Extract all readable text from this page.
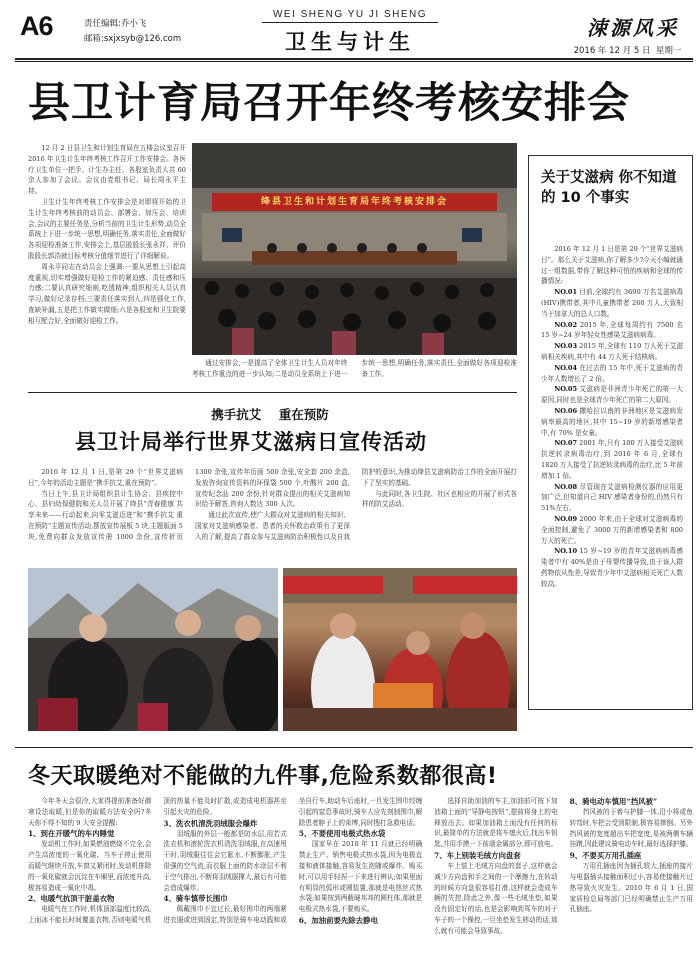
A6	责任编辑:乔小飞
邮箱:sxjxsyb@126.com
WEI SHENG YU JI SHENG
卫生与计生
涑源风采
2016 年 12 月 5 日 星期一
县卫计育局召开年终考核安排会

12 月 2 日县卫生和计划生育局在五楼会议室召开 2016 年卫生计生年终考核工作召开工作安排会。各医疗卫生单位一把手、计生办主任、各股室负责人共 60 余人参加了会议。会议由党组书记、局长周永平主持。

卫生计生年终考核工作安排会是对即将开始的卫生计生年终考核前的动员会、部署会、加压会、培训会,会议的主要任务是,分析当前的卫生计生形势,动员全系统上下进一步统一思想,明确任务,落实责任,全面做好各项迎检准备工作,安排会上,基层股股长张永祥、评价股股长郭浩就目标考核分值细节进行了详细解说。

周永平同志在动员会上强调:一要从思想上引起高度重视,切实增强做好迎检工作的紧迫感、责任感和压力感;二要认真研究细则,吃透精神,组织相关人员认真学习,做好记录存档;三要责任落实到人,四是强化工作,查缺补漏,五是把工作做实做细;六是各股室和卫生院要相互配合好,全面做好迎检工作。

绛县卫生和计划生育局年终考核安排会

通过安排会,一是提高了全体卫生计生人员对年终考核工作重点的进一步认知;二是动员全系统上下进一步统一思想,明确任务,落实责任,全面做好各项迎检准备工作。

关于艾滋病 你不知道的 10 个事实

2016 年 12 月 1 日是第 29 个“世界艾滋病日”。那么关于艾滋病,你了解多少?今天小编就通过一组数据,带你了解这种可怕的疾病和全球的传播情况:

NO.01 目前,全球约有 3690 万名艾滋病毒(HIV)携带者,其中儿童携带者 260 万人,大致相当于加拿大的总人口数。

NO.02 2015 年,全球每周约有 7500 名 15 岁~24 岁年轻女性感染艾滋病病毒。

NO.03 2015 年,全球有 110 万人死于艾滋病相关疾病,其中有 44 万人死于结核病。

NO.04 在过去的 15 年中,死于艾滋病的青少年人数增长了 2 倍。

NO.05 艾滋病是非洲青少年死亡的第一大原因,同时也是全球青少年死亡的第二大原因。

NO.06 撒哈拉以南的非洲地区是艾滋病发病率最高的地区,其中 15~19 岁的新增感染者中,有 70% 是女童。

NO.07 2001 年,只有 100 万人接受艾滋病抗逆转录病毒治疗,到 2016 年 6 月,全球有 1820 万人接受了抗逆转录病毒的治疗,比 5 年前增加 1 倍。

NO.08 尽管现在艾滋病检测仪器的应用更加广泛,但知道自己 HIV 感染者身份的,仍然只有 51%左右。

NO.09 2000 年来,由于全球对艾滋病毒的全面控制,避免了 3000 万的新增感染者和 800 万人的死亡。

NO.10 15 岁~19 岁的青年艾滋病病毒感染者中有 40%是由于母婴传播导致,由于该人群药物依从性差,导致青少年中艾滋病相关死亡人数较高。

携手抗艾    重在预防
县卫计局举行世界艾滋病日宣传活动

2016 年 12 月 1 日,是第 29 个“世界艾滋病日”,今年的活动主题是“携手抗艾,重在预防”。

当日上午,县卫计局组织县计生协会、县疾控中心、县妇幼保健院和关人员开展了绛县“青春健康 共享未来——行动起来,向零艾滋迈进”和“携手抗艾 重在预防”主题宣传活动,摆放宣传展板 5 块,主题版面 5 块,免费向群众发放宣传册 1000 余份,宣传折页 1300 余张,宣传年历画 500 余张,安全套 200 余盒,发放咨询宣传资料的环保袋 500 个,叶酸片 200 盒,宣传纪念品 200 余份,针对群众提出的相关艾滋病知识给予解答,咨询人数达 300 人次。

通过此次宣传,使广大群众对艾滋病的相关知识、国家对艾滋病感染者、患者的关怀救治政策有了更深入的了解,提高了群众参与艾滋病防治积极性以及自我防护的意识,为推动绛县艾滋病防治工作的全面开展打下了坚实的基础。

与此同时,各卫生院、社区也相应的开展了形式各样的防艾活动。

冬天取暖绝对不能做的九件事,危险系数都很高!

今年冬天会很冷,大家得提前准备好御寒设法取暖,但是你的取暖方法安全吗?冬天你不得不知的 9 大安全提醒:

1、到在开暖气的车内睡觉

发动机工作时,如果燃油燃烧不完全,会产生高浓度的一氧化碳。当车子停止使用而暖气继续开放,车窗又紧闭时,发动机排除的一氧化碳就会沉淀在车厢里,而浓度升高,极容易造成一氧化中毒。

2、电暖气抗顶干脏盖衣物

电暖气在工作时,机体顶部温度比较高,上面冰不能长时间覆盖衣物,否则电暖气机顶的热量不能及时扩散,或造成电机器甚至引起火灾的危险。

3、洗衣机清洗羽绒服会爆炸

羽绒服的外层一般都是防水层,用若式洗衣机和滚轮洗衣机清洗羽绒服,在高速甩干时,羽绒服往往会它胀水,不断膨胀,产生很强的空气流,而衣服上面的防水涂层不利于空气排出,不断将羽绒服撑大,最后有可能会造成爆炸。

4、骑车慎带长围巾

佩戴围巾不宜过长,最好围巾的两端紧进衣服或进到固定,特别是骑车电动践和或坐自行车,助动车后座时,一旦发生围巾绞缠引起的窒息事故时,骑车人应先刻制围巾,解除患者脖子上的束缚,同时搜打急救电话。

5、不要使用电极式热水袋

国家早在 2010 年 11 月就已经明确禁止生产、销售电极式热水袋,因为电极直接和液体接触,容易发生泡随或爆炸。购买时,可以用手轻捏一下来进行辨认;如果里面有明显的弧形或圆装置,那就是电热丝式热水袋;如果按到两截硬邦邦的圆柱体,那就是电极式热水袋,不要购买。

6、加油前要先除去静电

选择自助加油的车主,加油前可按下加油箱上面的“导静电按钮”,提前将身上的电释放出去。如果加油箱上面没有任何的标识,最简单的方法就是将车熄火后,找出车钥匙,并用手摸一下前端金属部分,即可放电。

7、车上别装毛绒方向盘套

车上装上毛绒方向盘的套子,这样就会减少方向盘和手之间的一个摩擦力,在转动的时候方向盘很容易打滑,这样就会造成车辆的失控,除此之外,像一些毛绒坐垫,如果没有固定好的话,也是会影响到驾车的对于车子的一个操控,一旦坐垫发生移动的话,那么就有可能会导致事故。

8、骑电动车慎用“挡风被”

挡风被的于着与护膝一体,沿小将或鱼转弯时,车把会受到限制,极容易摔倒。另外挡风被的宽度超出车把宽度,易被两侧车辆挂蹭,因此建议骑电动车时,最好选择护膝。

9、不要买万用孔插座

万用孔插座因为插孔较大,插座的接片与电器插头接触面积过小,容易使接触片过热导致火灾发生。2010 年 6 月 1 日,国家质检总局等部门已经明确禁止生产万用孔插座。
